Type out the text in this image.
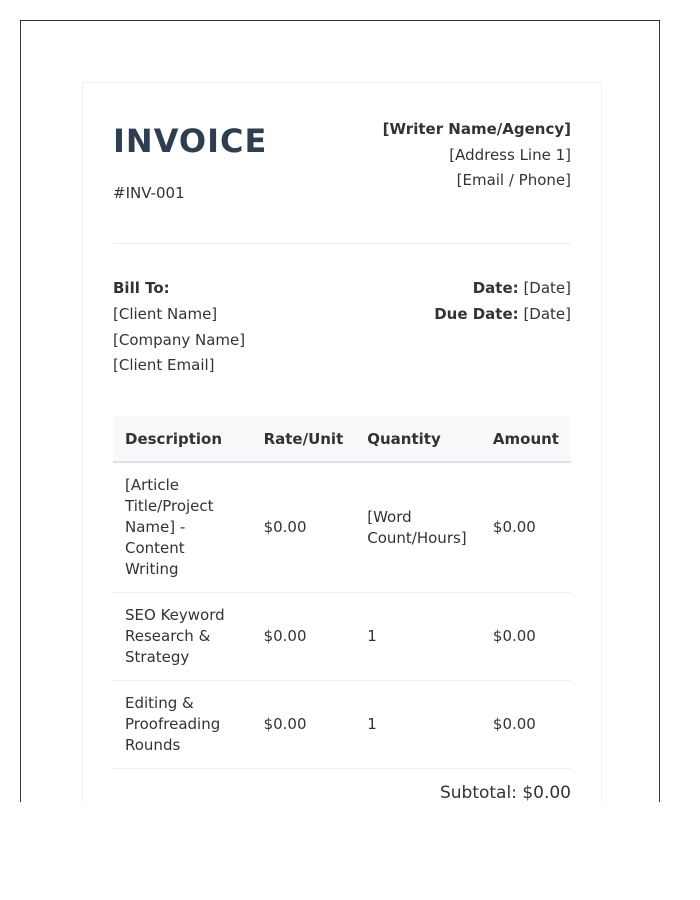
INVOICE
#INV-001
[Writer Name/Agency]
[Address Line 1]
[Email / Phone]
Bill To:
[Client Name]
[Company Name]
[Client Email]
Date: [Date]
Due Date: [Date]
Description	Rate/Unit	Quantity	Amount
[Article Title/Project Name] - Content Writing	$0.00	[Word Count/Hours]	$0.00
SEO Keyword Research & Strategy	$0.00	1	$0.00
Editing & Proofreading Rounds	$0.00	1	$0.00
Subtotal: $0.00
